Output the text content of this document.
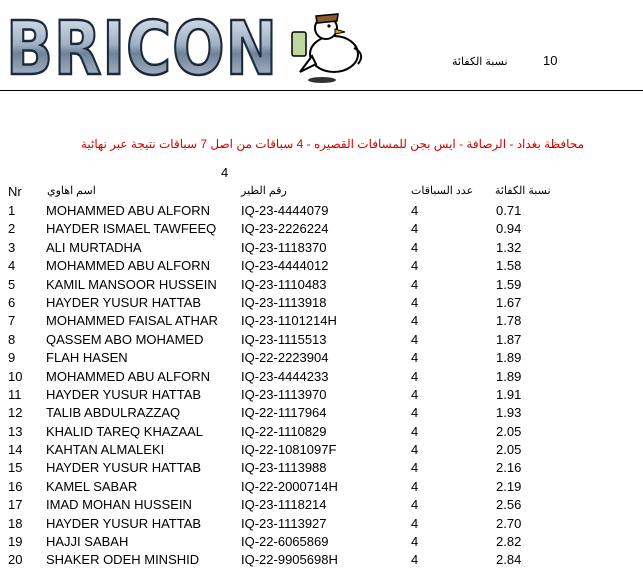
BRICON	نسبة الكفائة	10
محافظة بغداد - الرصافة - ايس بجن للمسافات القصيره - 4 سباقات من اصل 7 سباقات نتيجة عبر نهائية
4
Nr اسم اهاوي	رقم الطير	عدد السباقات نسبة الكفائة
1 MOHAMMED ABU ALFORN IQ-23-4444079	4	0.71
2 HAYDER ISMAEL TAWFEEQ IQ-23-2226224	4	0.94
3 ALI MURTADHA	IQ-23-1118370	4	1.32
4 MOHAMMED ABU ALFORN IQ-23-4444012	4	1.58
5 KAMIL MANSOOR HUSSEIN IQ-23-1110483	4	1.59
6 HAYDER YUSUR HATTAB	IQ-23-1113918	4	1.67
7 MOHAMMED FAISAL ATHAR IQ-23-1101214H	4	1.78
8 QASSEM ABO MOHAMED	IQ-23-1115513	4	1.87
9 FLAH HASEN	IQ-22-2223904	4	1.89
10 MOHAMMED ABU ALFORN IQ-23-4444233	4	1.89
11 HAYDER YUSUR HATTAB	IQ-23-1113970	4	1.91
12 TALIB ABDULRAZZAQ	IQ-22-1117964	4	1.93
13 KHALID TAREQ KHAZAAL	IQ-22-1110829	4	2.05
14 KAHTAN ALMALEKI	IQ-22-1081097F	4	2.05
15 HAYDER YUSUR HATTAB	IQ-23-1113988	4	2.16
16 KAMEL SABAR	IQ-22-2000714H	4	2.19
17 IMAD MOHAN HUSSEIN	IQ-23-1118214	4	2.56
18 HAYDER YUSUR HATTAB	IQ-23-1113927	4	2.70
19 HAJJI SABAH	IQ-22-6065869	4	2.82
20 SHAKER ODEH MINSHID	IQ-22-9905698H	4	2.84
